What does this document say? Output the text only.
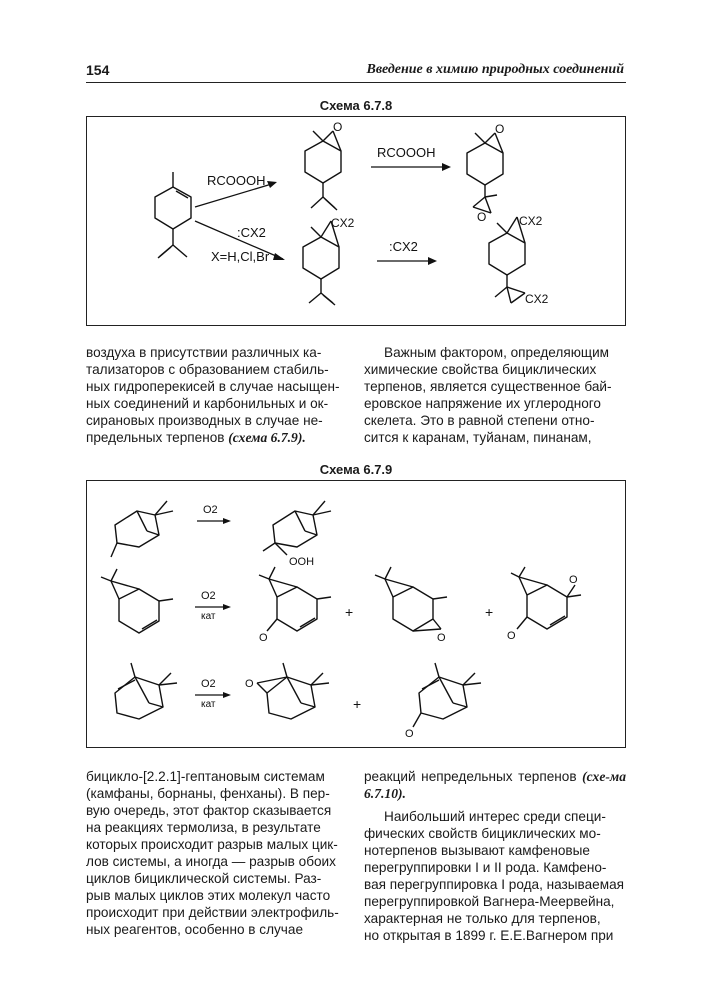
154	Введение в химию природных соединений
Схема 6.7.8
RCOOOH
:CX2
X=H,Cl,Br
O
RCOOOH
O
O
CX2
:CX2
CX2
CX2

воздуха в присутствии различных ка-

тализаторов с образованием стабиль-

ных гидроперекисей в случае насыщен-

ных соединений и карбонильных и ок-

сирановых производных в случае не-

предельных терпенов (схема 6.7.9).

Важным фактором, определяющим

химические свойства бициклических

терпенов, является существенное бай-

еровское напряжение их углеродного

скелета. Это в равной степени отно-

сится к каранам, туйанам, пинанам,

Схема 6.7.9
O2
OOH
O2
кат
O
+
O
+
O
O
O2
кат
O
+
O

бицикло-[2.2.1]-гептановым системам

(камфаны, борнаны, фенханы). В пер-

вую очередь, этот фактор сказывается

на реакциях термолиза, в результате

которых происходит разрыв малых цик-

лов системы, а иногда — разрыв обоих

циклов бициклической системы. Раз-

рыв малых циклов этих молекул часто

происходит при действии электрофиль-

ных реагентов, особенно в случае

реакций непредельных терпенов (схе-ма 6.7.10).

Наибольший интерес среди специ-

фических свойств бициклических мо-

нотерпенов вызывают камфеновые

перегруппировки I и II рода. Камфено-

вая перегруппировка I рода, называемая

перегруппировкой Вагнера-Меервейна,

характерная не только для терпенов,

но открытая в 1899 г. Е.Е.Вагнером при
